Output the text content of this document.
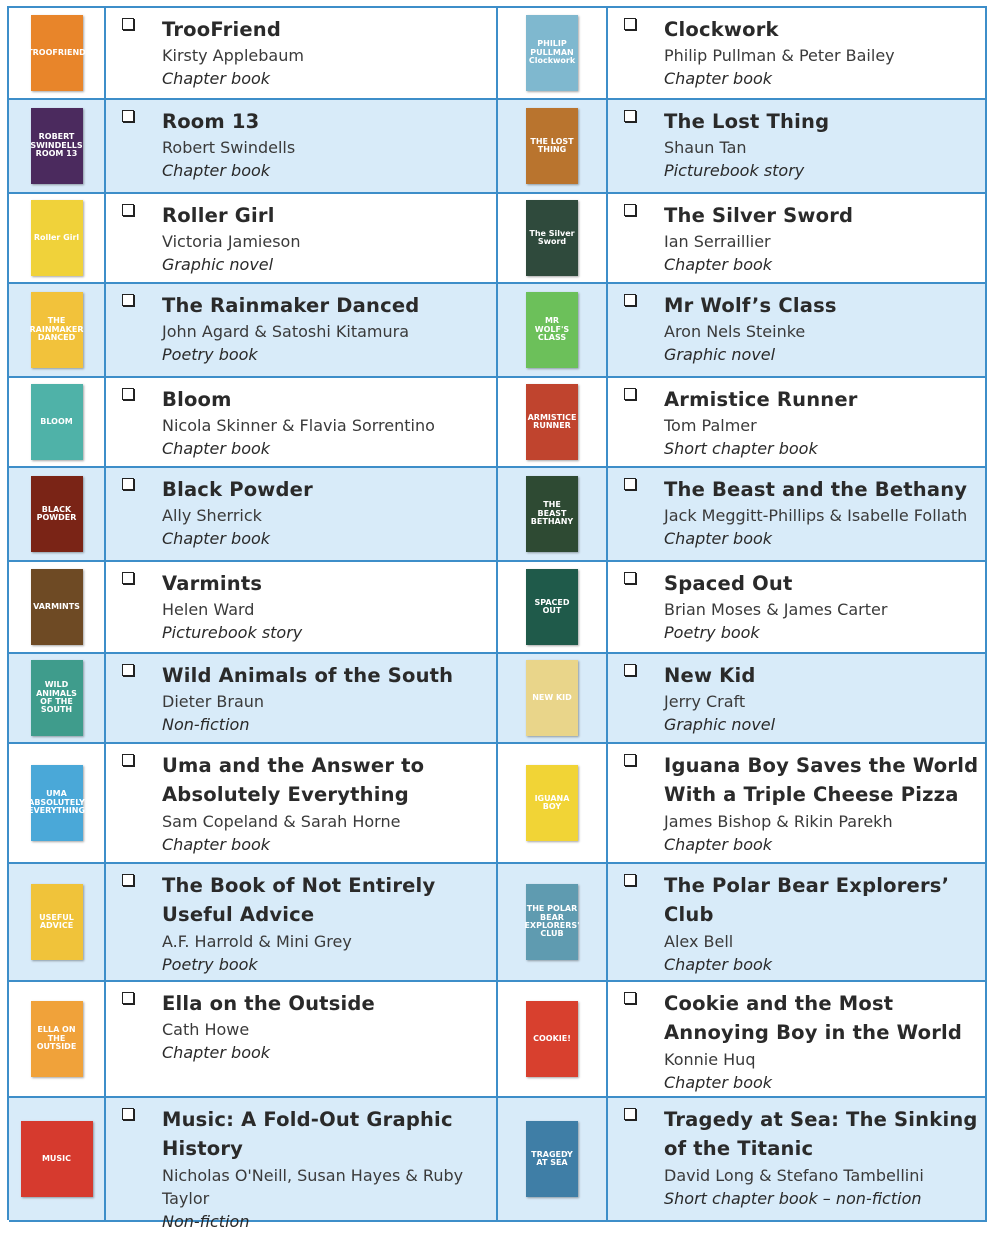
TROOFRIEND
TrooFriend
Kirsty Applebaum
Chapter book
PHILIP PULLMAN Clockwork
Clockwork
Philip Pullman & Peter Bailey
Chapter book
ROBERT SWINDELLS ROOM 13
Room 13
Robert Swindells
Chapter book
THE LOST THING
The Lost Thing
Shaun Tan
Picturebook story
Roller Girl
Roller Girl
Victoria Jamieson
Graphic novel
The Silver Sword
The Silver Sword
Ian Serraillier
Chapter book
THE RAINMAKER DANCED
The Rainmaker Danced
John Agard & Satoshi Kitamura
Poetry book
MR WOLF'S CLASS
Mr Wolf’s Class
Aron Nels Steinke
Graphic novel
BLOOM
Bloom
Nicola Skinner & Flavia Sorrentino
Chapter book
ARMISTICE RUNNER
Armistice Runner
Tom Palmer
Short chapter book
BLACK POWDER
Black Powder
Ally Sherrick
Chapter book
THE BEAST BETHANY
The Beast and the Bethany
Jack Meggitt-Phillips & Isabelle Follath
Chapter book
VARMINTS
Varmints
Helen Ward
Picturebook story
SPACED OUT
Spaced Out
Brian Moses & James Carter
Poetry book
WILD ANIMALS OF THE SOUTH
Wild Animals of the South
Dieter Braun
Non-fiction
NEW KID
New Kid
Jerry Craft
Graphic novel
UMA ABSOLUTELY EVERYTHING
Uma and the Answer to Absolutely Everything
Sam Copeland & Sarah Horne
Chapter book
IGUANA BOY
Iguana Boy Saves the World With a Triple Cheese Pizza
James Bishop & Rikin Parekh
Chapter book
USEFUL ADVICE
The Book of Not Entirely Useful Advice
A.F. Harrold & Mini Grey
Poetry book
THE POLAR BEAR EXPLORERS' CLUB
The Polar Bear Explorers’ Club
Alex Bell
Chapter book
ELLA ON THE OUTSIDE
Ella on the Outside
Cath Howe
Chapter book
COOKIE!
Cookie and the Most Annoying Boy in the World
Konnie Huq
Chapter book
MUSIC
Music: A Fold-Out Graphic History
Nicholas O'Neill, Susan Hayes & Ruby Taylor
Non-fiction
TRAGEDY AT SEA
Tragedy at Sea: The Sinking of the Titanic
David Long & Stefano Tambellini
Short chapter book – non-fiction
